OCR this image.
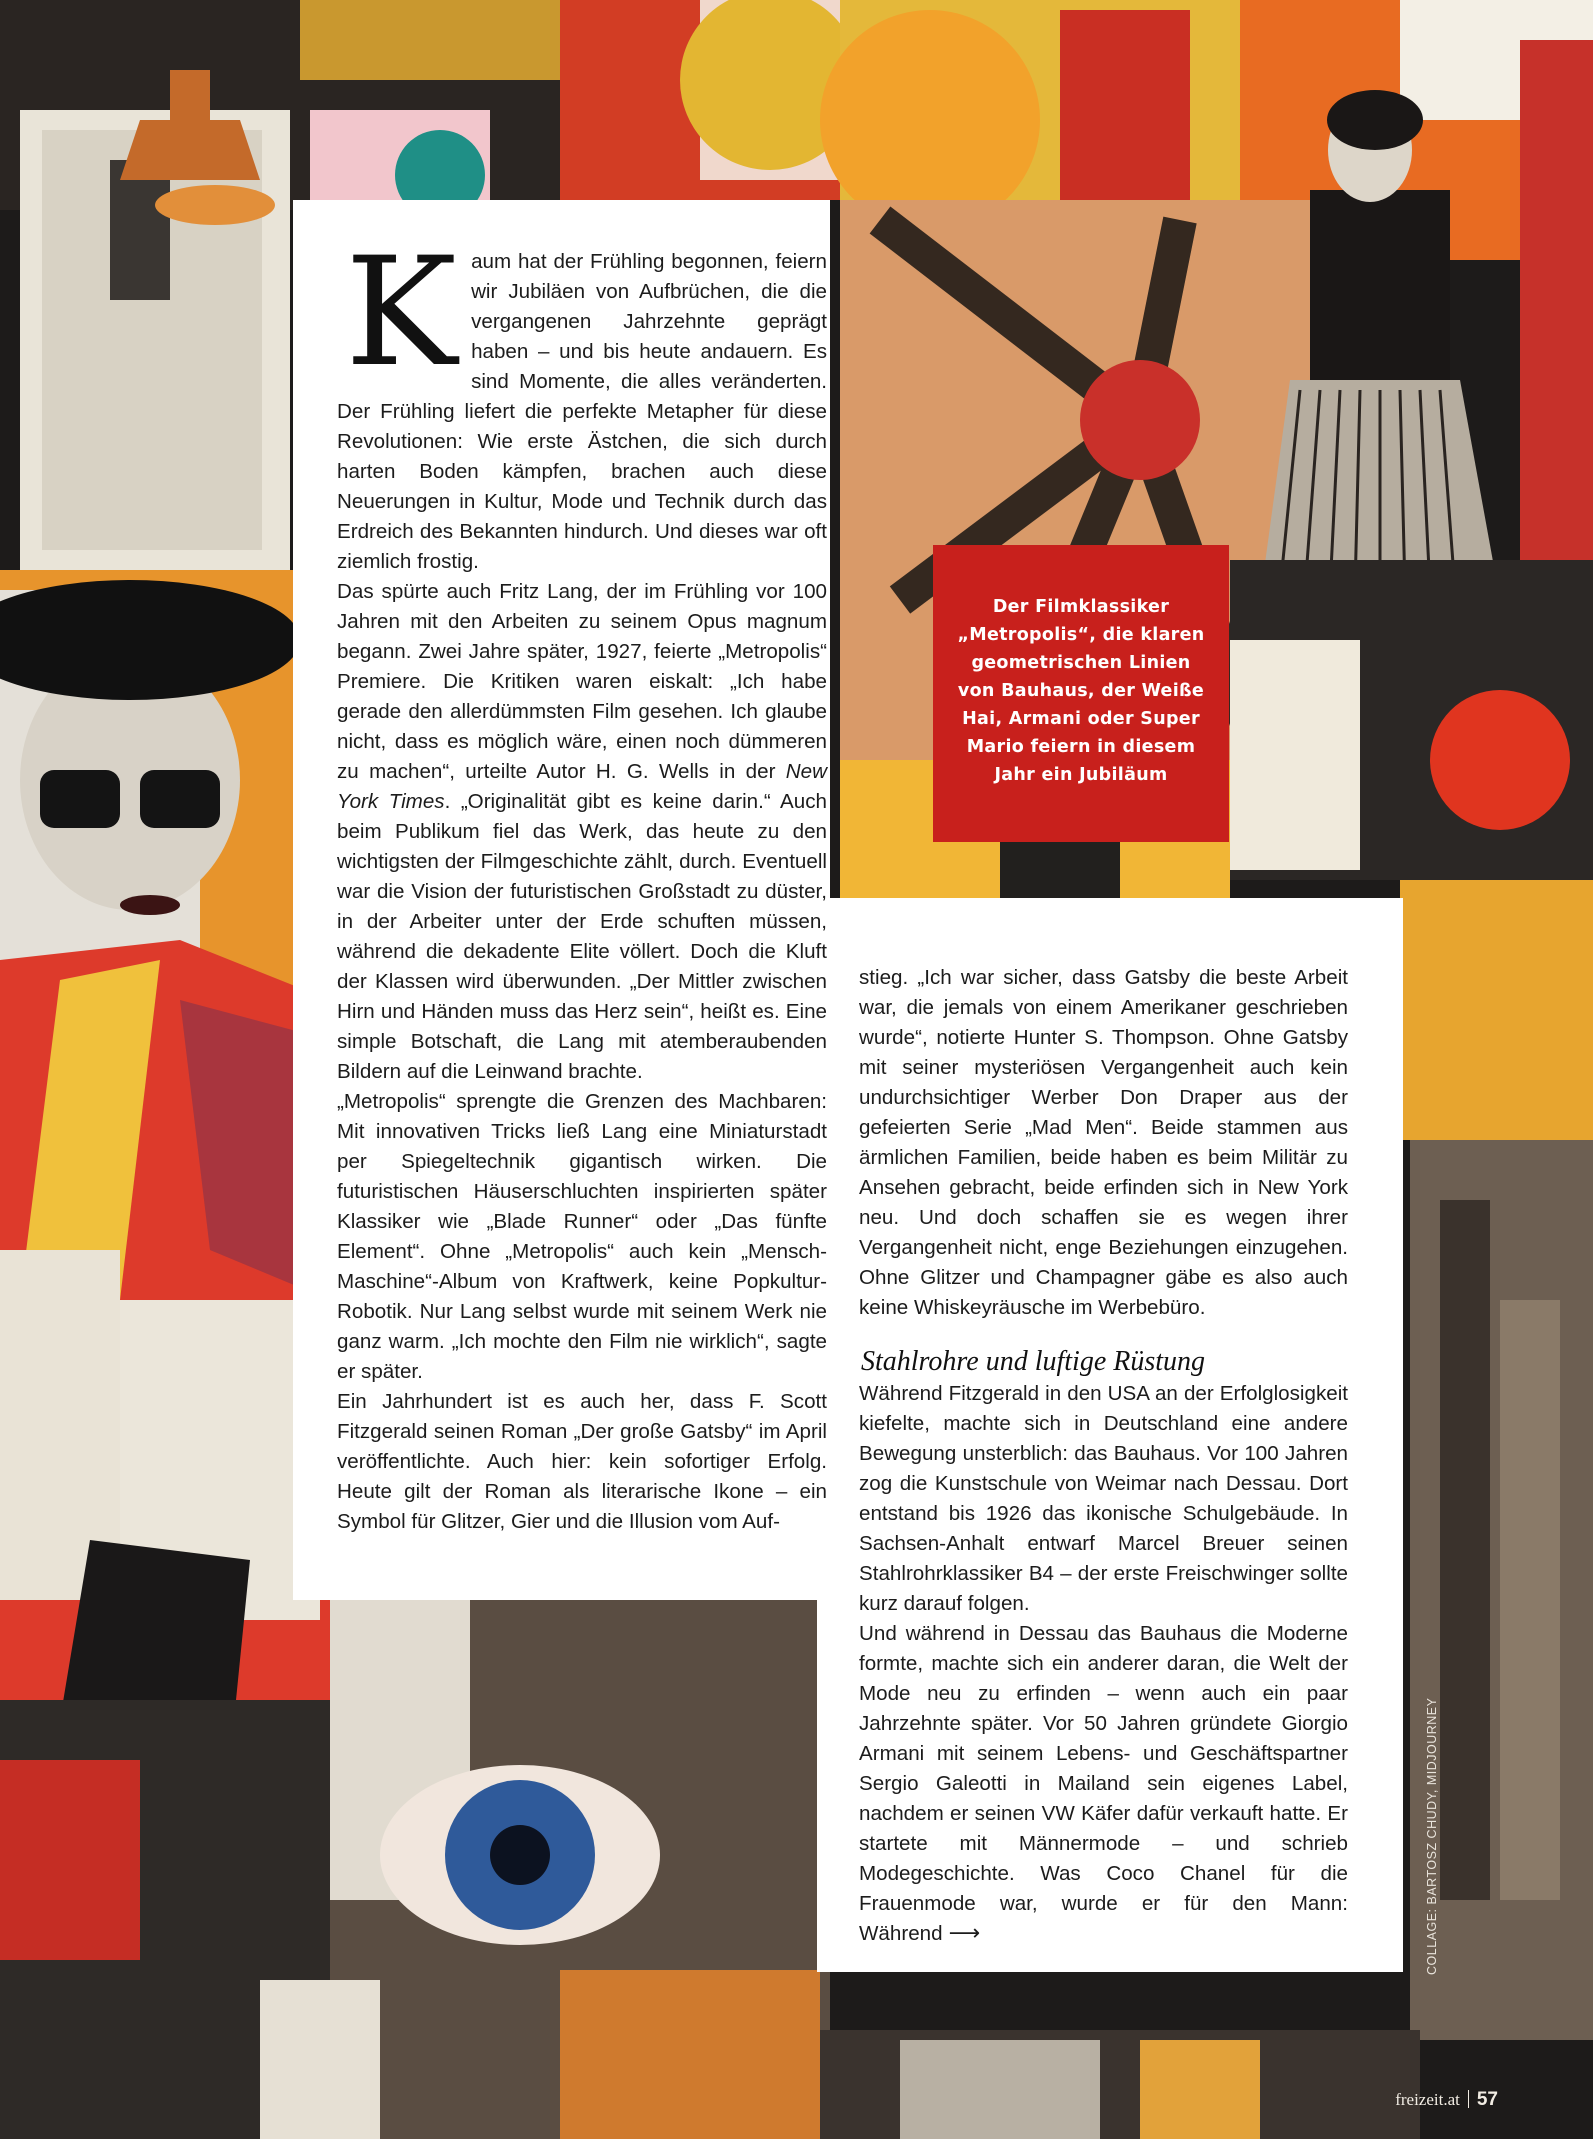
K aum hat der Frühling begonnen, feiern wir Jubiläen von Aufbrüchen, die die vergangenen Jahrzehnte geprägt haben – und bis heute andauern. Es sind Momente, die alles veränderten. Der Frühling liefert die perfekte Metapher für diese Revolutionen: Wie erste Ästchen, die sich durch harten Boden kämpfen, brachen auch diese Neuerungen in Kultur, Mode und Technik durch das Erdreich des Bekannten hindurch. Und dieses war oft ziemlich frostig.

Das spürte auch Fritz Lang, der im Frühling vor 100 Jahren mit den Arbeiten zu seinem Opus magnum begann. Zwei Jahre später, 1927, feierte „Metropolis“ Premiere. Die Kritiken waren eiskalt: „Ich habe gerade den allerdümmsten Film gesehen. Ich glaube nicht, dass es möglich wäre, einen noch dümmeren zu machen“, urteilte Autor H. G. Wells in der New York Times. „Originalität gibt es keine darin.“ Auch beim Publikum fiel das Werk, das heute zu den wichtigsten der Filmgeschichte zählt, durch. Eventuell war die Vision der futuristischen Großstadt zu düster, in der Arbeiter unter der Erde schuften müssen, während die dekadente Elite völlert. Doch die Kluft der Klassen wird überwunden. „Der Mittler zwischen Hirn und Händen muss das Herz sein“, heißt es. Eine simple Botschaft, die Lang mit atemberaubenden Bildern auf die Leinwand brachte.

„Metropolis“ sprengte die Grenzen des Machbaren: Mit innovativen Tricks ließ Lang eine Miniaturstadt per Spiegeltechnik gigantisch wirken. Die futuristischen Häuserschluchten inspirierten später Klassiker wie „Blade Runner“ oder „Das fünfte Element“. Ohne „Metropolis“ auch kein „Mensch-Maschine“-Album von Kraftwerk, keine Popkultur-Robotik. Nur Lang selbst wurde mit seinem Werk nie ganz warm. „Ich mochte den Film nie wirklich“, sagte er später.

Ein Jahrhundert ist es auch her, dass F. Scott Fitzgerald seinen Roman „Der große Gatsby“ im April veröffentlichte. Auch hier: kein sofortiger Erfolg. Heute gilt der Roman als literarische Ikone – ein Symbol für Glitzer, Gier und die Illusion vom Auf-

Der Filmklassiker „Metropolis“, die klaren geometrischen Linien von Bauhaus, der Weiße Hai, Armani oder Super Mario feiern in diesem Jahr ein Jubiläum

stieg. „Ich war sicher, dass Gatsby die beste Arbeit war, die jemals von einem Amerikaner geschrieben wurde“, notierte Hunter S. Thompson. Ohne Gatsby mit seiner mysteriösen Vergangenheit auch kein undurchsichtiger Werber Don Draper aus der gefeierten Serie „Mad Men“. Beide stammen aus ärmlichen Familien, beide haben es beim Militär zu Ansehen gebracht, beide erfinden sich in New York neu. Und doch schaffen sie es wegen ihrer Vergangenheit nicht, enge Beziehungen einzugehen. Ohne Glitzer und Champagner gäbe es also auch keine Whiskeyräusche im Werbebüro.

Stahlrohre und luftige Rüstung

Während Fitzgerald in den USA an der Erfolglosigkeit kiefelte, machte sich in Deutschland eine andere Bewegung unsterblich: das Bauhaus. Vor 100 Jahren zog die Kunstschule von Weimar nach Dessau. Dort entstand bis 1926 das ikonische Schulgebäude. In Sachsen-Anhalt entwarf Marcel Breuer seinen Stahlrohrklassiker B4 – der erste Freischwinger sollte kurz darauf folgen.

Und während in Dessau das Bauhaus die Moderne formte, machte sich ein anderer daran, die Welt der Mode neu zu erfinden – wenn auch ein paar Jahrzehnte später. Vor 50 Jahren gründete Giorgio Armani mit seinem Lebens- und Geschäftspartner Sergio Galeotti in Mailand sein eigenes Label, nachdem er seinen VW Käfer dafür verkauft hatte. Er startete mit Männermode – und schrieb Modegeschichte. Was Coco Chanel für die Frauenmode war, wurde er für den Mann: Während ⟶	COLLAGE: BARTOSZ CHUDY, MIDJOURNEY
freizeit.at 57
